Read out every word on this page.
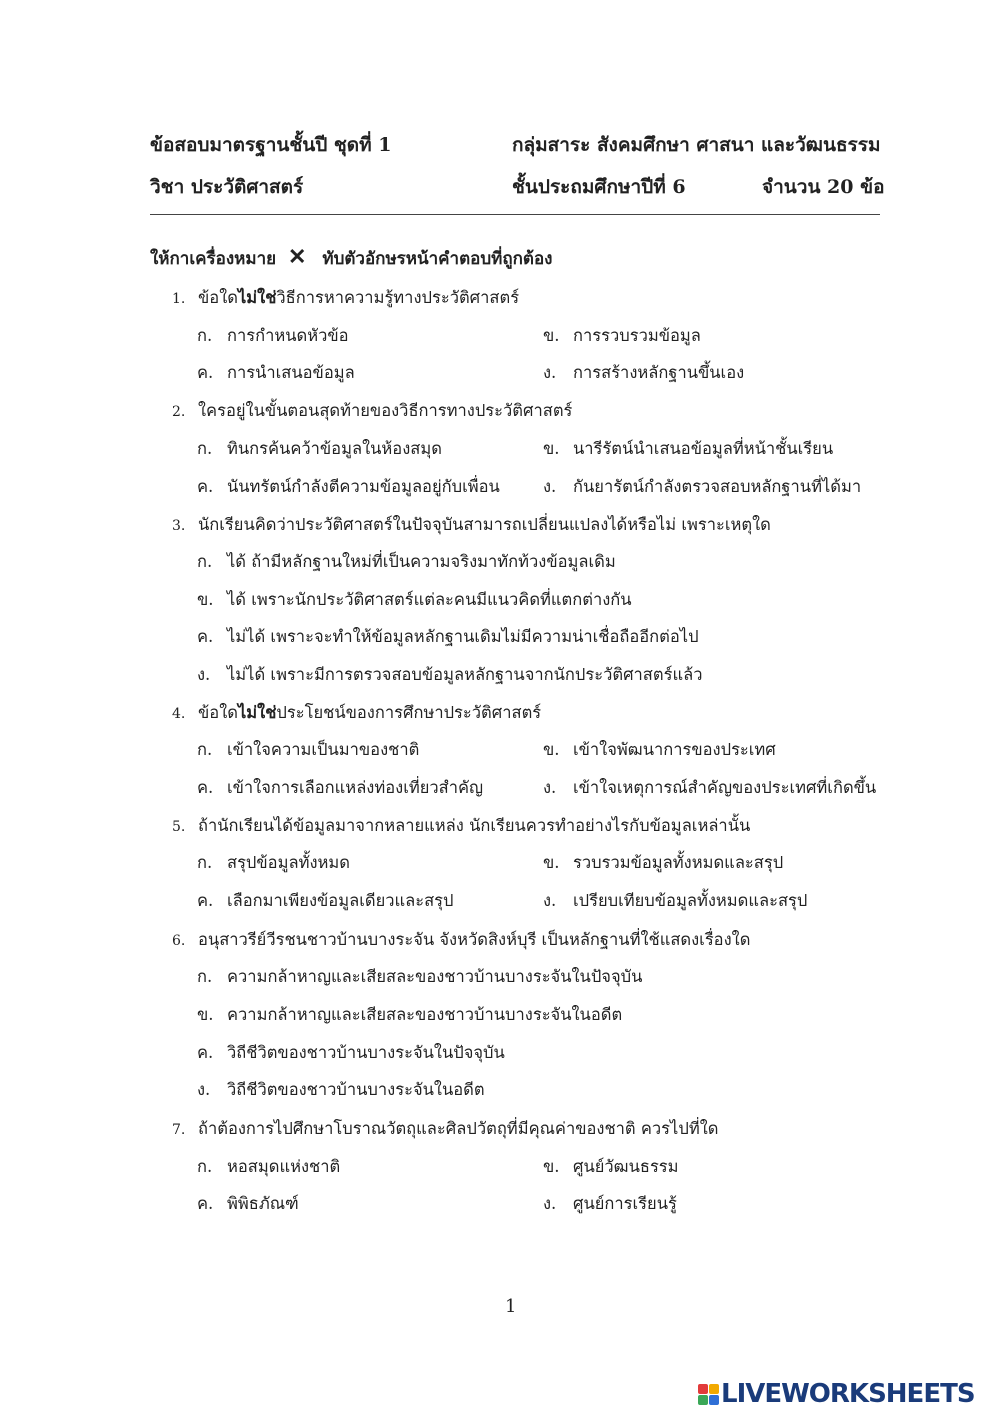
ข้อสอบมาตรฐานชั้นปี ชุดที่ 1	กลุ่มสาระ สังคมศึกษา ศาสนา และวัฒนธรรม
วิชา ประวัติศาสตร์	ชั้นประถมศึกษาปีที่ 6	จำนวน 20 ข้อ
ให้กาเครื่องหมาย ✕ ทับตัวอักษรหน้าคำตอบที่ถูกต้อง
1. ข้อใดไม่ใช่วิธีการหาความรู้ทางประวัติศาสตร์
ก. การกำหนดหัวข้อ	ข. การรวบรวมข้อมูล
ค. การนำเสนอข้อมูล	ง. การสร้างหลักฐานขึ้นเอง
2. ใครอยู่ในขั้นตอนสุดท้ายของวิธีการทางประวัติศาสตร์
ก. ทินกรค้นคว้าข้อมูลในห้องสมุด	ข. นารีรัตน์นำเสนอข้อมูลที่หน้าชั้นเรียน
ค. นันทรัตน์กำลังตีความข้อมูลอยู่กับเพื่อน	ง. กันยารัตน์กำลังตรวจสอบหลักฐานที่ได้มา
3. นักเรียนคิดว่าประวัติศาสตร์ในปัจจุบันสามารถเปลี่ยนแปลงได้หรือไม่ เพราะเหตุใด
ก. ได้ ถ้ามีหลักฐานใหม่ที่เป็นความจริงมาทักท้วงข้อมูลเดิม
ข. ได้ เพราะนักประวัติศาสตร์แต่ละคนมีแนวคิดที่แตกต่างกัน
ค. ไม่ได้ เพราะจะทำให้ข้อมูลหลักฐานเดิมไม่มีความน่าเชื่อถืออีกต่อไป
ง. ไม่ได้ เพราะมีการตรวจสอบข้อมูลหลักฐานจากนักประวัติศาสตร์แล้ว
4. ข้อใดไม่ใช่ประโยชน์ของการศึกษาประวัติศาสตร์
ก. เข้าใจความเป็นมาของชาติ	ข. เข้าใจพัฒนาการของประเทศ
ค. เข้าใจการเลือกแหล่งท่องเที่ยวสำคัญ	ง. เข้าใจเหตุการณ์สำคัญของประเทศที่เกิดขึ้น
5. ถ้านักเรียนได้ข้อมูลมาจากหลายแหล่ง นักเรียนควรทำอย่างไรกับข้อมูลเหล่านั้น
ก. สรุปข้อมูลทั้งหมด	ข. รวบรวมข้อมูลทั้งหมดและสรุป
ค. เลือกมาเพียงข้อมูลเดียวและสรุป	ง. เปรียบเทียบข้อมูลทั้งหมดและสรุป
6. อนุสาวรีย์วีรชนชาวบ้านบางระจัน จังหวัดสิงห์บุรี เป็นหลักฐานที่ใช้แสดงเรื่องใด
ก. ความกล้าหาญและเสียสละของชาวบ้านบางระจันในปัจจุบัน
ข. ความกล้าหาญและเสียสละของชาวบ้านบางระจันในอดีต
ค. วิถีชีวิตของชาวบ้านบางระจันในปัจจุบัน
ง. วิถีชีวิตของชาวบ้านบางระจันในอดีต
7. ถ้าต้องการไปศึกษาโบราณวัตถุและศิลปวัตถุที่มีคุณค่าของชาติ ควรไปที่ใด
ก. หอสมุดแห่งชาติ	ข. ศูนย์วัฒนธรรม
ค. พิพิธภัณฑ์	ง. ศูนย์การเรียนรู้
1
LIVEWORKSHEETS
